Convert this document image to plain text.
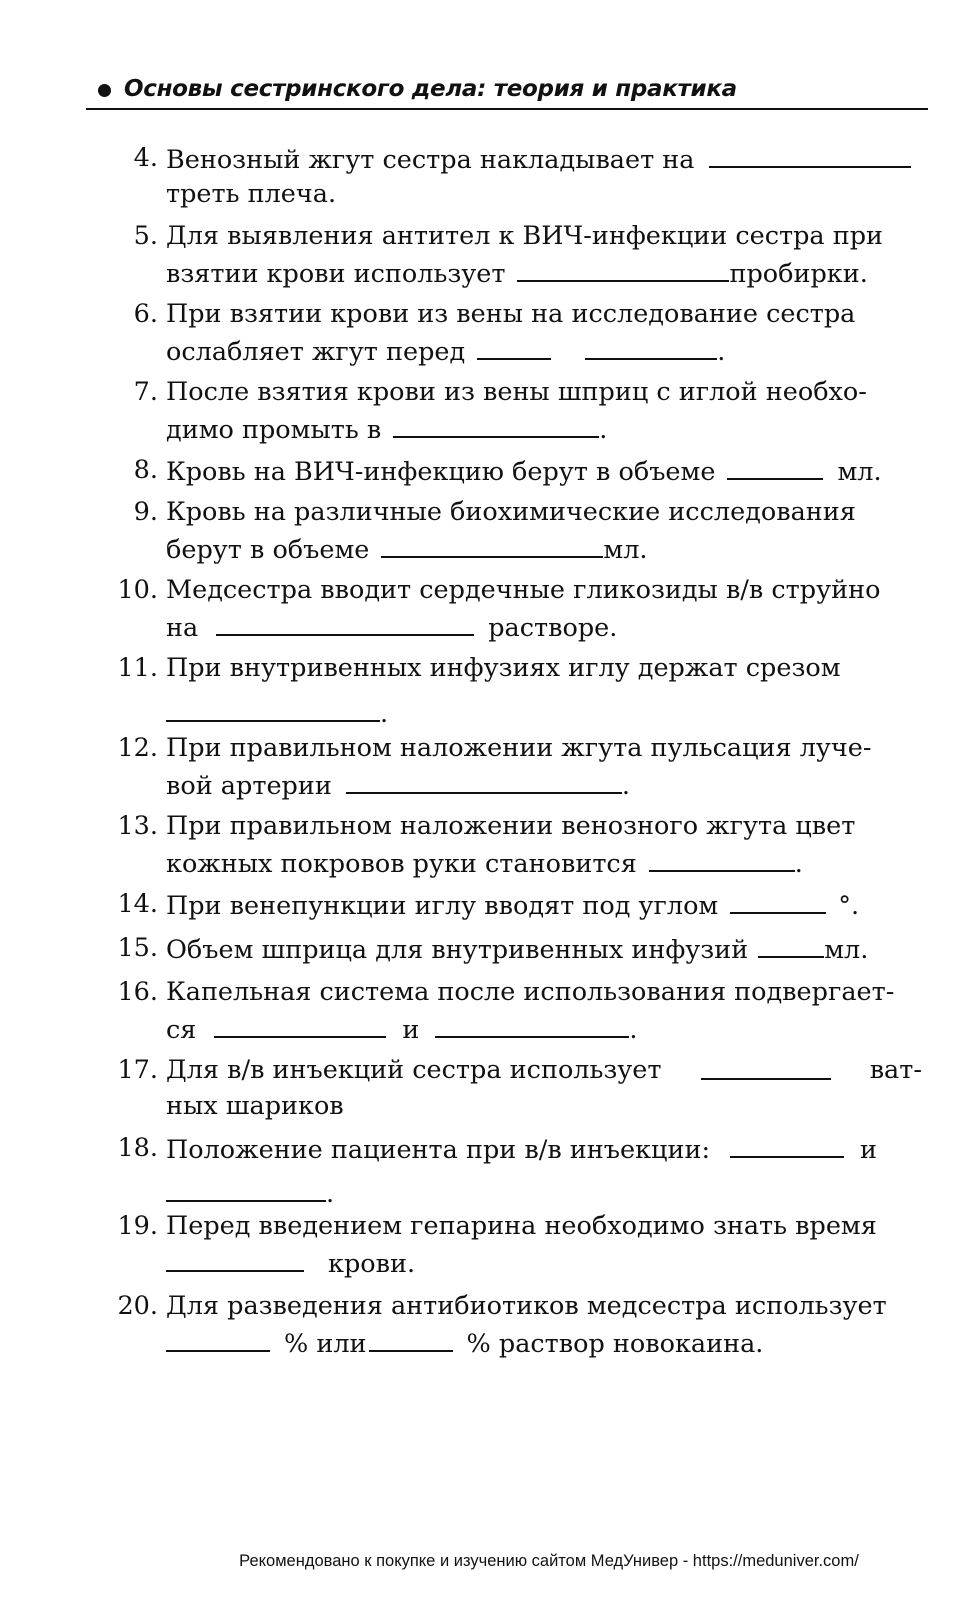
Основы сестринского дела: теория и практика
4. Венозный жгут сестра накладывает на
треть плеча.
5. Для выявления антител к ВИЧ-инфекции сестра при
взятии крови использует	пробирки.
6. При взятии крови из вены на исследование сестра
ослабляет жгут перед	.
7. После взятия крови из вены шприц с иглой необхо-
димо промыть в	.
8. Кровь на ВИЧ-инфекцию берут в объеме	мл.
9. Кровь на различные биохимические исследования
берут в объеме	мл.
10. Медсестра вводит сердечные гликозиды в/в струйно
на	растворе.
11. При внутривенных инфузиях иглу держат срезом
.
12. При правильном наложении жгута пульсация луче-
вой артерии	.
13. При правильном наложении венозного жгута цвет
кожных покровов руки становится	.
14. При венепункции иглу вводят под углом	°.
15. Объем шприца для внутривенных инфузий	мл.
16. Капельная система после использования подвергает-
ся	и	.
17. Для в/в инъекций сестра использует	ват-
ных шариков
18. Положение пациента при в/в инъекции:	и
.
19. Перед введением гепарина необходимо знать время
крови.
20. Для разведения антибиотиков медсестра использует
% или	% раствор новокаина.
Рекомендовано к покупке и изучению сайтом МедУнивер - https://meduniver.com/
